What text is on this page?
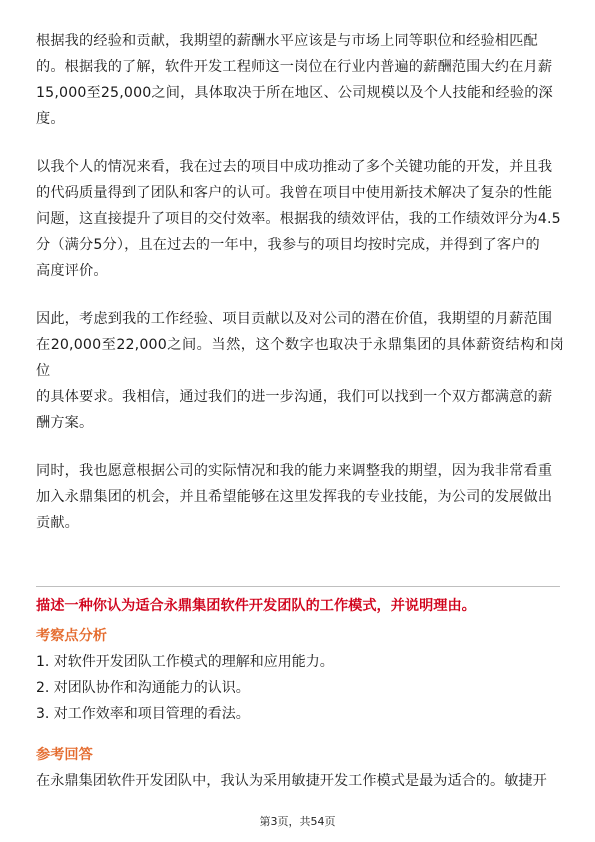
根据我的经验和贡献，我期望的薪酬水平应该是与市场上同等职位和经验相匹配
的。根据我的了解，软件开发工程师这一岗位在行业内普遍的薪酬范围大约在月薪
15,000至25,000之间，具体取决于所在地区、公司规模以及个人技能和经验的深
度。

以我个人的情况来看，我在过去的项目中成功推动了多个关键功能的开发，并且我
的代码质量得到了团队和客户的认可。我曾在项目中使用新技术解决了复杂的性能
问题，这直接提升了项目的交付效率。根据我的绩效评估，我的工作绩效评分为4.5
分（满分5分），且在过去的一年中，我参与的项目均按时完成，并得到了客户的
高度评价。

因此，考虑到我的工作经验、项目贡献以及对公司的潜在价值，我期望的月薪范围
在20,000至22,000之间。当然，这个数字也取决于永鼎集团的具体薪资结构和岗位
的具体要求。我相信，通过我们的进一步沟通，我们可以找到一个双方都满意的薪
酬方案。

同时，我也愿意根据公司的实际情况和我的能力来调整我的期望，因为我非常看重
加入永鼎集团的机会，并且希望能够在这里发挥我的专业技能，为公司的发展做出
贡献。

描述一种你认为适合永鼎集团软件开发团队的工作模式，并说明理由。
考察点分析
1. 对软件开发团队工作模式的理解和应用能力。
2. 对团队协作和沟通能力的认识。
3. 对工作效率和项目管理的看法。
参考回答
在永鼎集团软件开发团队中，我认为采用敏捷开发工作模式是最为适合的。敏捷开
第3页，共54页
